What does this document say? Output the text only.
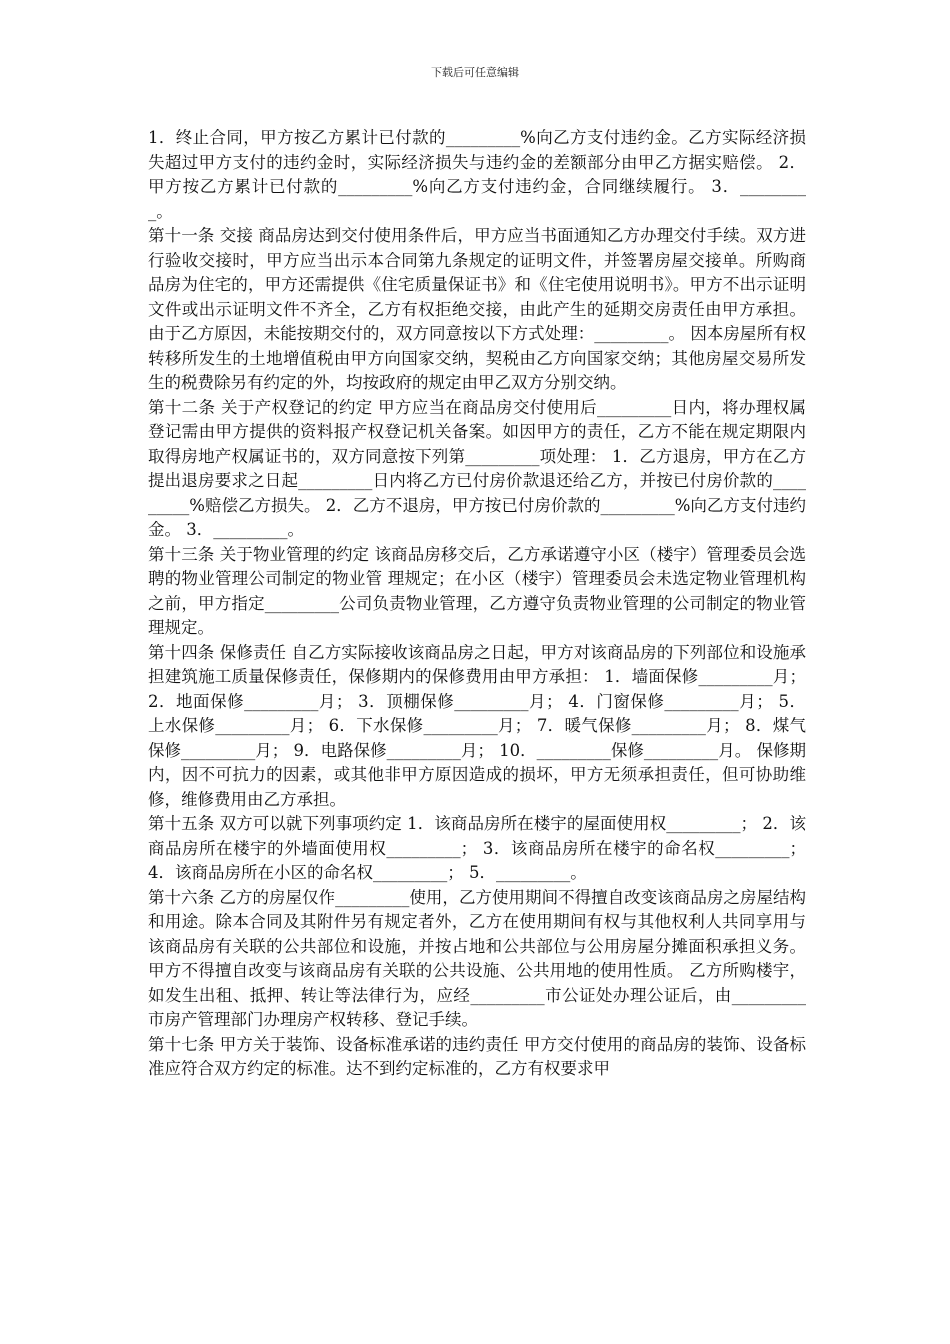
下载后可任意编辑

1．终止合同，甲方按乙方累计已付款的_________%向乙方支付违约金。乙方实际经济损失超过甲方支付的违约金时，实际经济损失与违约金的差额部分由甲乙方据实赔偿。 2．甲方按乙方累计已付款的_________%向乙方支付违约金，合同继续履行。 3．_________。

第十一条 交接 商品房达到交付使用条件后，甲方应当书面通知乙方办理交付手续。双方进行验收交接时，甲方应当出示本合同第九条规定的证明文件，并签署房屋交接单。所购商品房为住宅的，甲方还需提供《住宅质量保证书》和《住宅使用说明书》。甲方不出示证明文件或出示证明文件不齐全，乙方有权拒绝交接，由此产生的延期交房责任由甲方承担。 由于乙方原因，未能按期交付的，双方同意按以下方式处理：_________。 因本房屋所有权转移所发生的土地增值税由甲方向国家交纳，契税由乙方向国家交纳；其他房屋交易所发生的税费除另有约定的外，均按政府的规定由甲乙双方分别交纳。

第十二条 关于产权登记的约定 甲方应当在商品房交付使用后_________日内，将办理权属登记需由甲方提供的资料报产权登记机关备案。如因甲方的责任，乙方不能在规定期限内取得房地产权属证书的，双方同意按下列第_________项处理： 1．乙方退房，甲方在乙方提出退房要求之日起_________日内将乙方已付房价款退还给乙方，并按已付房价款的_________%赔偿乙方损失。 2．乙方不退房，甲方按已付房价款的_________%向乙方支付违约金。 3．_________。

第十三条 关于物业管理的约定 该商品房移交后，乙方承诺遵守小区（楼宇）管理委员会选聘的物业管理公司制定的物业管 理规定；在小区（楼宇）管理委员会未选定物业管理机构之前，甲方指定_________公司负责物业管理，乙方遵守负责物业管理的公司制定的物业管理规定。

第十四条 保修责任 自乙方实际接收该商品房之日起，甲方对该商品房的下列部位和设施承担建筑施工质量保修责任，保修期内的保修费用由甲方承担： 1．墙面保修_________月； 2．地面保修_________月； 3．顶棚保修_________月； 4．门窗保修_________月； 5．上水保修_________月； 6．下水保修_________月； 7．暖气保修_________月； 8．煤气保修_________月； 9．电路保修_________月； 10．_________保修_________月。 保修期内，因不可抗力的因素，或其他非甲方原因造成的损坏，甲方无须承担责任，但可协助维修，维修费用由乙方承担。

第十五条 双方可以就下列事项约定 1．该商品房所在楼宇的屋面使用权_________； 2．该商品房所在楼宇的外墙面使用权_________； 3．该商品房所在楼宇的命名权_________； 4．该商品房所在小区的命名权_________； 5．_________。

第十六条 乙方的房屋仅作_________使用，乙方使用期间不得擅自改变该商品房之房屋结构和用途。除本合同及其附件另有规定者外，乙方在使用期间有权与其他权利人共同享用与该商品房有关联的公共部位和设施，并按占地和公共部位与公用房屋分摊面积承担义务。 甲方不得擅自改变与该商品房有关联的公共设施、公共用地的使用性质。 乙方所购楼宇，如发生出租、抵押、转让等法律行为，应经_________市公证处办理公证后，由_________市房产管理部门办理房产权转移、登记手续。

第十七条 甲方关于装饰、设备标准承诺的违约责任 甲方交付使用的商品房的装饰、设备标准应符合双方约定的标准。达不到约定标准的，乙方有权要求甲
